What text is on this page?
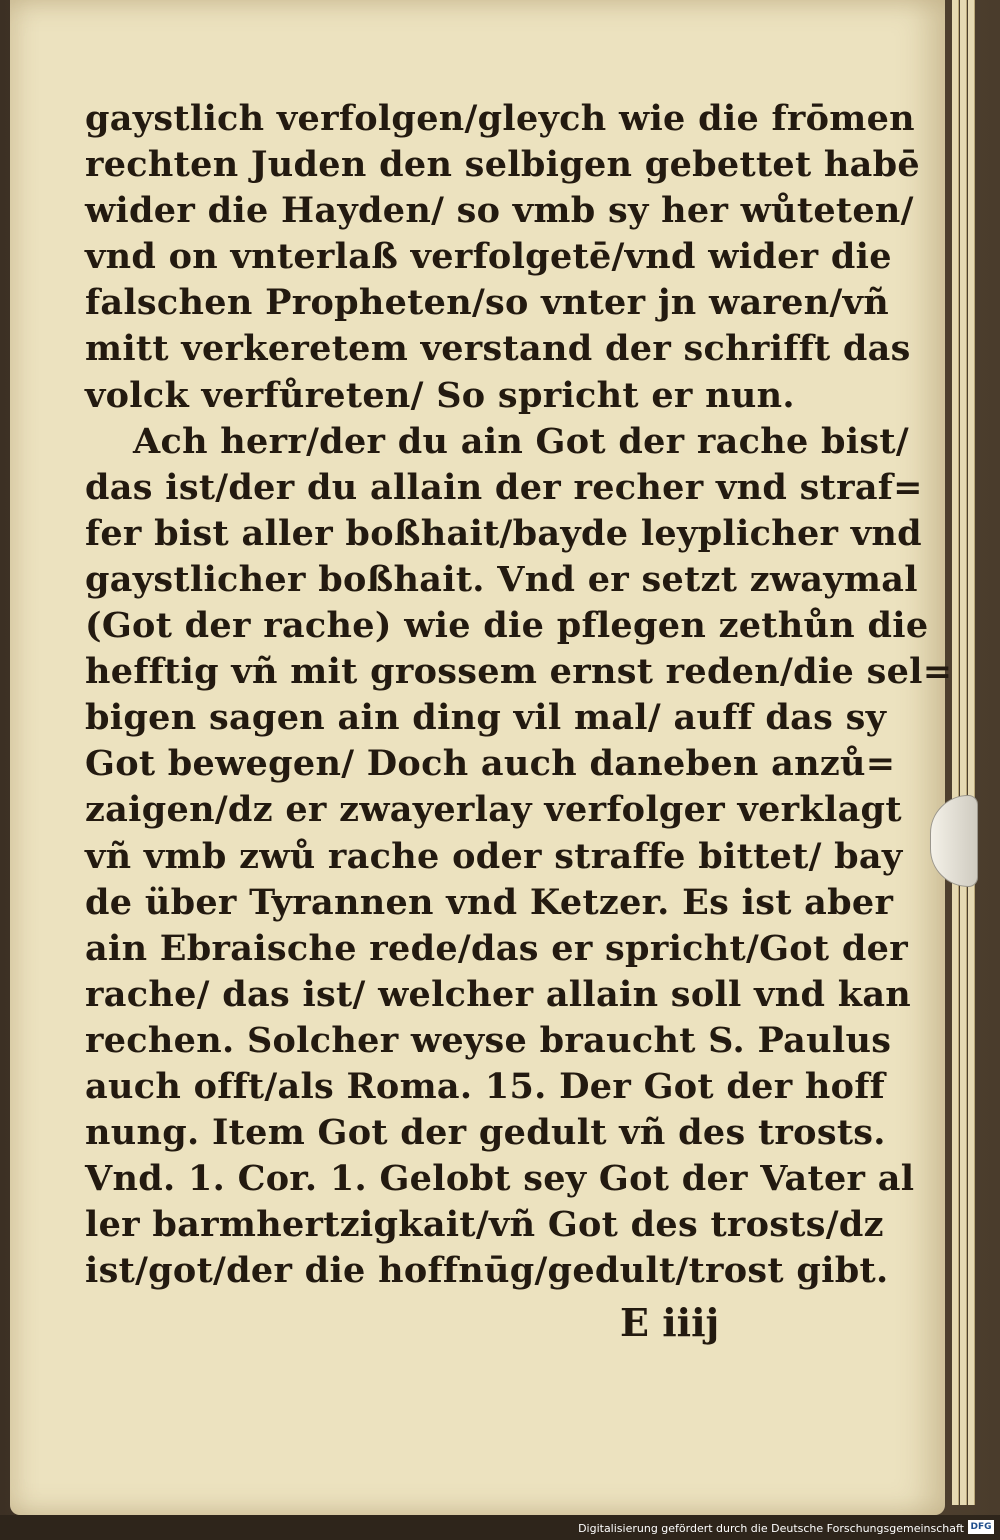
gaystlich verfolgen/gleych wie die frōmen
rechten Juden den selbigen gebettet habē
wider die Hayden/ so vmb sy her wůteten/
vnd on vnterlaß verfolgetē/vnd wider die
falschen Propheten/so vnter jn waren/vñ
mitt verkeretem verstand der schrifft das
volck verfůreten/ So spricht er nun.
Ach herr/der du ain Got der rache bist/
das ist/der du allain der recher vnd straf=
fer bist aller boßhait/bayde leyplicher vnd
gaystlicher boßhait. Vnd er setzt zwaymal
(Got der rache) wie die pflegen zethůn die
hefftig vñ mit grossem ernst reden/die sel=
bigen sagen ain ding vil mal/ auff das sy
Got bewegen/ Doch auch daneben anzů=
zaigen/dz er zwayerlay verfolger verklagt
vñ vmb zwů rache oder straffe bittet/ bay
de über Tyrannen vnd Ketzer. Es ist aber
ain Ebraische rede/das er spricht/Got der
rache/ das ist/ welcher allain soll vnd kan
rechen. Solcher weyse braucht S. Paulus
auch offt/als Roma. 15. Der Got der hoff
nung. Item Got der gedult vñ des trosts.
Vnd. 1. Cor. 1. Gelobt sey Got der Vater al
ler barmhertzigkait/vñ Got des trosts/dz
ist/got/der die hoffnūg/gedult/trost gibt.
E iiij
Digitalisierung gefördert durch die Deutsche Forschungsgemeinschaft DFG
